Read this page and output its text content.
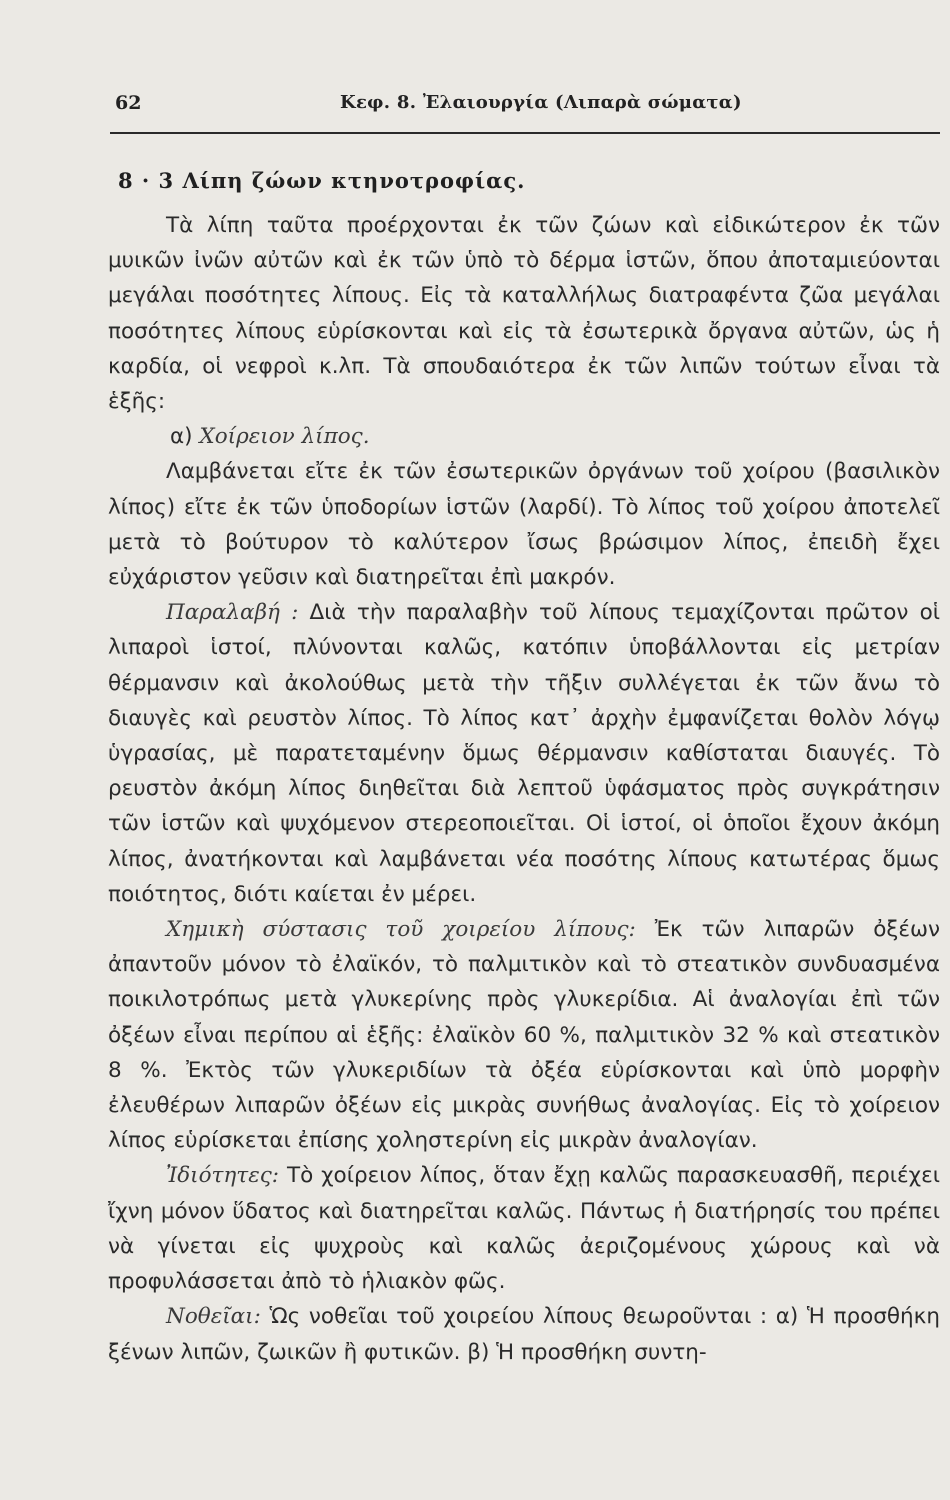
62	Κεφ. 8. Ἐλαιουργία (Λιπαρὰ σώματα)
8 · 3 Λίπη ζώων κτηνοτροφίας.

Τὰ λίπη ταῦτα προέρχονται ἐκ τῶν ζώων καὶ εἰδικώτερον ἐκ τῶν μυικῶν ἰνῶν αὐτῶν καὶ ἐκ τῶν ὑπὸ τὸ δέρμα ἱστῶν, ὅπου ἀποταμιεύονται μεγάλαι ποσότητες λίπους. Εἰς τὰ καταλλήλως διατραφέντα ζῶα μεγάλαι ποσότητες λίπους εὑρίσκονται καὶ εἰς τὰ ἐσωτερικὰ ὄργανα αὐτῶν, ὡς ἡ καρδία, οἱ νεφροὶ κ.λπ. Τὰ σπουδαιότερα ἐκ τῶν λιπῶν τούτων εἶναι τὰ ἑξῆς:

α) Χοίρειον λίπος.

Λαμβάνεται εἴτε ἐκ τῶν ἐσωτερικῶν ὀργάνων τοῦ χοίρου (βασιλικὸν λίπος) εἴτε ἐκ τῶν ὑποδορίων ἱστῶν (λαρδί). Τὸ λίπος τοῦ χοίρου ἀποτελεῖ μετὰ τὸ βούτυρον τὸ καλύτερον ἴσως βρώσιμον λίπος, ἐπειδὴ ἔχει εὐχάριστον γεῦσιν καὶ διατηρεῖται ἐπὶ μακρόν.

Παραλαβή : Διὰ τὴν παραλαβὴν τοῦ λίπους τεμαχίζονται πρῶτον οἱ λιπαροὶ ἱστοί, πλύνονται καλῶς, κατόπιν ὑποβάλλονται εἰς μετρίαν θέρμανσιν καὶ ἀκολούθως μετὰ τὴν τῆξιν συλλέγεται ἐκ τῶν ἄνω τὸ διαυγὲς καὶ ρευστὸν λίπος. Τὸ λίπος κατ᾿ ἀρχὴν ἐμφανίζεται θολὸν λόγῳ ὑγρασίας, μὲ παρατεταμένην ὅμως θέρμανσιν καθίσταται διαυγές. Τὸ ρευστὸν ἀκόμη λίπος διηθεῖται διὰ λεπτοῦ ὑφάσματος πρὸς συγκράτησιν τῶν ἱστῶν καὶ ψυχόμενον στερεοποιεῖται. Οἱ ἱστοί, οἱ ὁποῖοι ἔχουν ἀκόμη λίπος, ἀνατήκονται καὶ λαμβάνεται νέα ποσότης λίπους κατωτέρας ὅμως ποιότητος, διότι καίεται ἐν μέρει.

Χημικὴ σύστασις τοῦ χοιρείου λίπους: Ἐκ τῶν λιπαρῶν ὀξέων ἀπαντοῦν μόνον τὸ ἐλαϊκόν, τὸ παλμιτικὸν καὶ τὸ στεατικὸν συνδυασμένα ποικιλοτρόπως μετὰ γλυκερίνης πρὸς γλυκερίδια. Αἱ ἀναλογίαι ἐπὶ τῶν ὀξέων εἶναι περίπου αἱ ἑξῆς: ἐλαϊκὸν 60 %, παλμιτικὸν 32 % καὶ στεατικὸν 8 %. Ἐκτὸς τῶν γλυκεριδίων τὰ ὀξέα εὑρίσκονται καὶ ὑπὸ μορφὴν ἐλευθέρων λιπαρῶν ὀξέων εἰς μικρὰς συνήθως ἀναλογίας. Εἰς τὸ χοίρειον λίπος εὑρίσκεται ἐπίσης χοληστερίνη εἰς μικρὰν ἀναλογίαν.

Ἰδιότητες: Τὸ χοίρειον λίπος, ὅταν ἔχῃ καλῶς παρασκευασθῆ, περιέχει ἴχνη μόνον ὕδατος καὶ διατηρεῖται καλῶς. Πάντως ἡ διατήρησίς του πρέπει νὰ γίνεται εἰς ψυχροὺς καὶ καλῶς ἀεριζομένους χώρους καὶ νὰ προφυλάσσεται ἀπὸ τὸ ἡλιακὸν φῶς.

Νοθεῖαι: Ὡς νοθεῖαι τοῦ χοιρείου λίπους θεωροῦνται : α) Ἡ προσθήκη ξένων λιπῶν, ζωικῶν ἢ φυτικῶν. β) Ἡ προσθήκη συντη-
